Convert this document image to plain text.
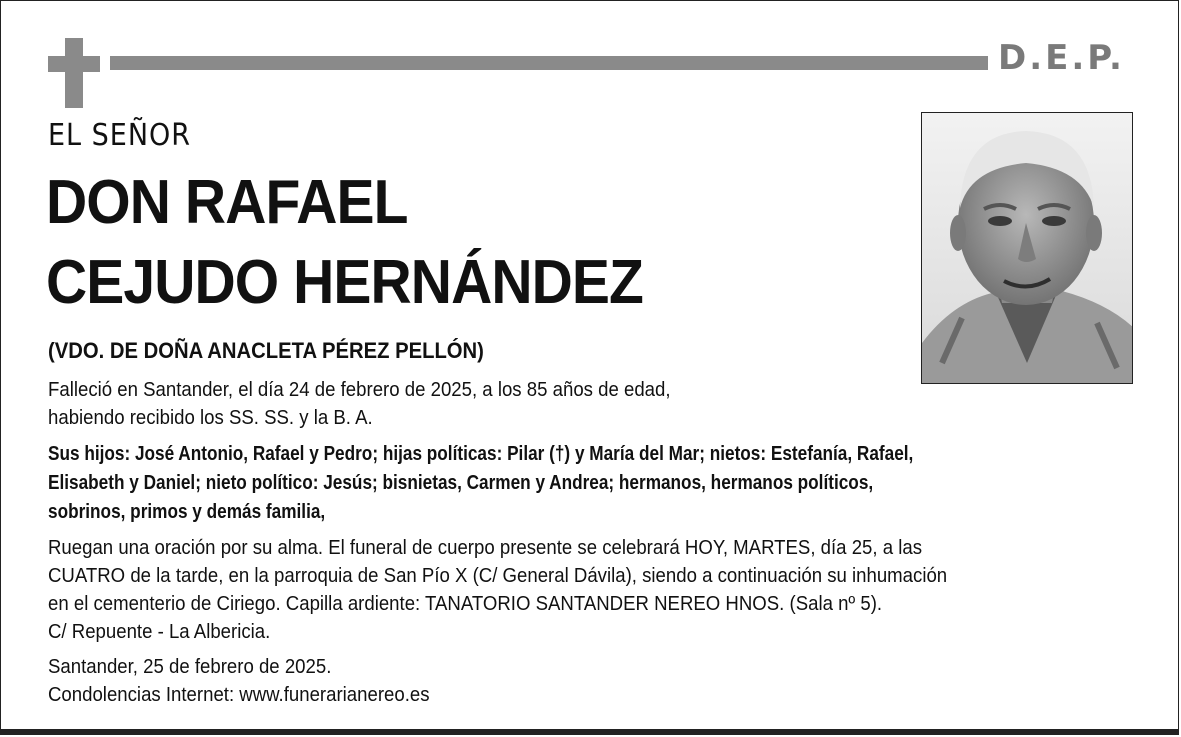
D.E.P.
EL SEÑOR
DON RAFAEL
CEJUDO HERNÁNDEZ
(VDO. DE DOÑA ANACLETA PÉREZ PELLÓN)
Falleció en Santander, el día 24 de febrero de 2025, a los 85 años de edad,
habiendo recibido los SS. SS. y la B. A.
Sus hijos: José Antonio, Rafael y Pedro; hijas políticas: Pilar (†) y María del Mar; nietos: Estefanía, Rafael,
Elisabeth y Daniel; nieto político: Jesús; bisnietas, Carmen y Andrea; hermanos, hermanos políticos,
sobrinos, primos y demás familia,
Ruegan una oración por su alma. El funeral de cuerpo presente se celebrará HOY, MARTES, día 25, a las
CUATRO de la tarde, en la parroquia de San Pío X (C/ General Dávila), siendo a continuación su inhumación
en el cementerio de Ciriego. Capilla ardiente: TANATORIO SANTANDER NEREO HNOS. (Sala nº 5).
C/ Repuente - La Albericia.
Santander, 25 de febrero de 2025.
Condolencias Internet: www.funerarianereo.es
